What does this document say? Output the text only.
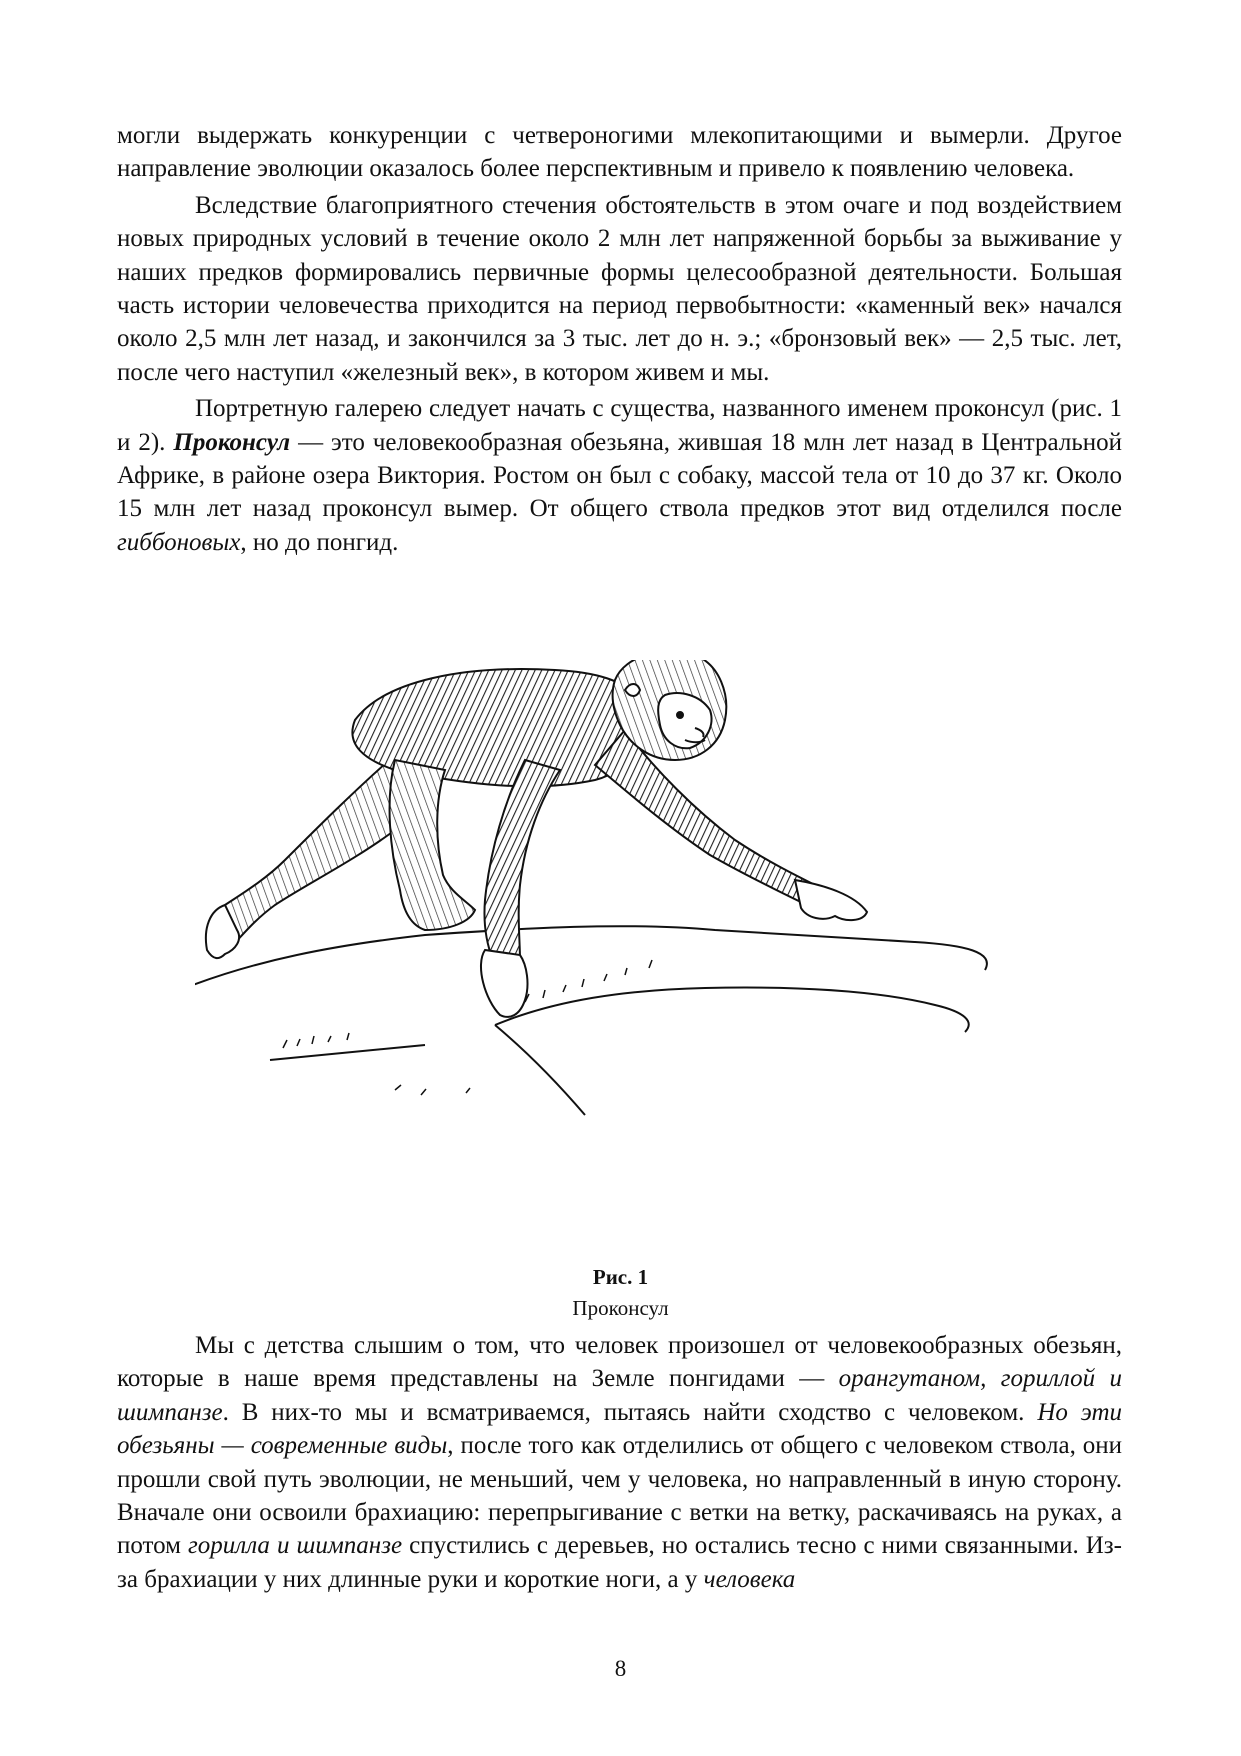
могли выдержать конкуренции с четвероногими млекопитающими и вымерли. Другое направление эволюции оказалось более перспективным и привело к появлению человека.

Вследствие благоприятного стечения обстоятельств в этом очаге и под воздействием новых природных условий в течение около 2 млн лет напряженной борьбы за выживание у наших предков формировались первичные формы целесообразной деятельности. Большая часть истории человечества приходится на период первобытности: «каменный век» начался около 2,5 млн лет назад, и закончился за 3 тыс. лет до н. э.; «бронзовый век» — 2,5 тыс. лет, после чего наступил «железный век», в котором живем и мы.

Портретную галерею следует начать с существа, названного именем проконсул (рис. 1 и 2). Проконсул — это человекообразная обезьяна, жившая 18 млн лет назад в Центральной Африке, в районе озера Виктория. Ростом он был с собаку, массой тела от 10 до 37 кг. Около 15 млн лет назад проконсул вымер. От общего ствола предков этот вид отделился после гиббоновых, но до понгид.

Рис. 1
Проконсул

Мы с детства слышим о том, что человек произошел от человекообразных обезьян, которые в наше время представлены на Земле понгидами — орангутаном, гориллой и шимпанзе. В них-то мы и всматриваемся, пытаясь найти сходство с человеком. Но эти обезьяны — современные виды, после того как отделились от общего с человеком ствола, они прошли свой путь эволюции, не меньший, чем у человека, но направленный в иную сторону. Вначале они освоили брахиацию: перепрыгивание с ветки на ветку, раскачиваясь на руках, а потом горилла и шимпанзе спустились с деревьев, но остались тесно с ними связанными. Из-за брахиации у них длинные руки и короткие ноги, а у человека

8
